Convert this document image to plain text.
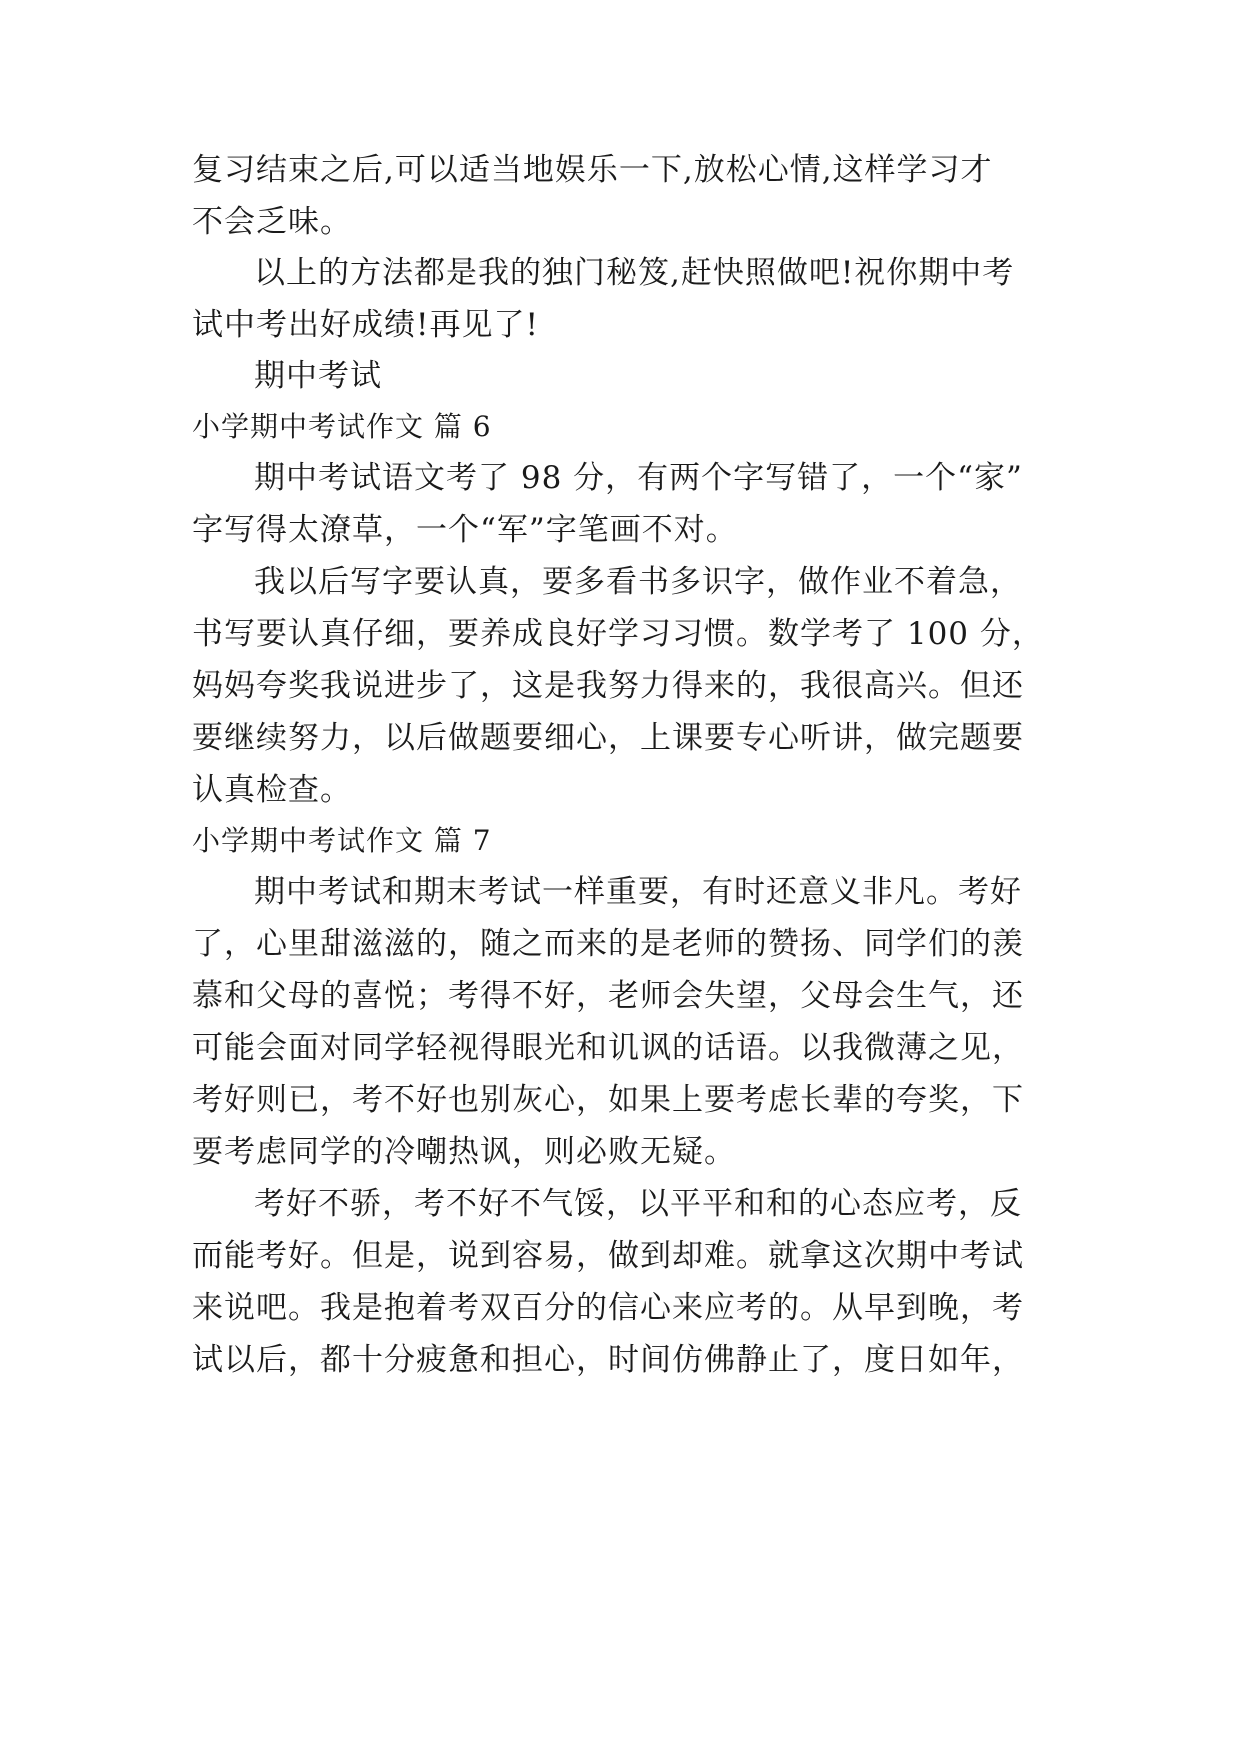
复习结束之后,可以适当地娱乐一下,放松心情,这样学习才
不会乏味。
以上的方法都是我的独门秘笈,赶快照做吧!祝你期中考
试中考出好成绩!再见了!
期中考试
小学期中考试作文 篇 6
期中考试语文考了 98 分，有两个字写错了，一个“家”
字写得太潦草，一个“军”字笔画不对。
我以后写字要认真，要多看书多识字，做作业不着急，
书写要认真仔细，要养成良好学习习惯。数学考了 100 分，
妈妈夸奖我说进步了，这是我努力得来的，我很高兴。但还
要继续努力，以后做题要细心，上课要专心听讲，做完题要
认真检查。
小学期中考试作文 篇 7
期中考试和期末考试一样重要，有时还意义非凡。考好
了，心里甜滋滋的，随之而来的是老师的赞扬、同学们的羡
慕和父母的喜悦；考得不好，老师会失望，父母会生气，还
可能会面对同学轻视得眼光和讥讽的话语。以我微薄之见，
考好则已，考不好也别灰心，如果上要考虑长辈的夸奖，下
要考虑同学的冷嘲热讽，则必败无疑。
考好不骄，考不好不气馁，以平平和和的心态应考，反
而能考好。但是，说到容易，做到却难。就拿这次期中考试
来说吧。我是抱着考双百分的信心来应考的。从早到晚，考
试以后，都十分疲惫和担心，时间仿佛静止了，度日如年，
